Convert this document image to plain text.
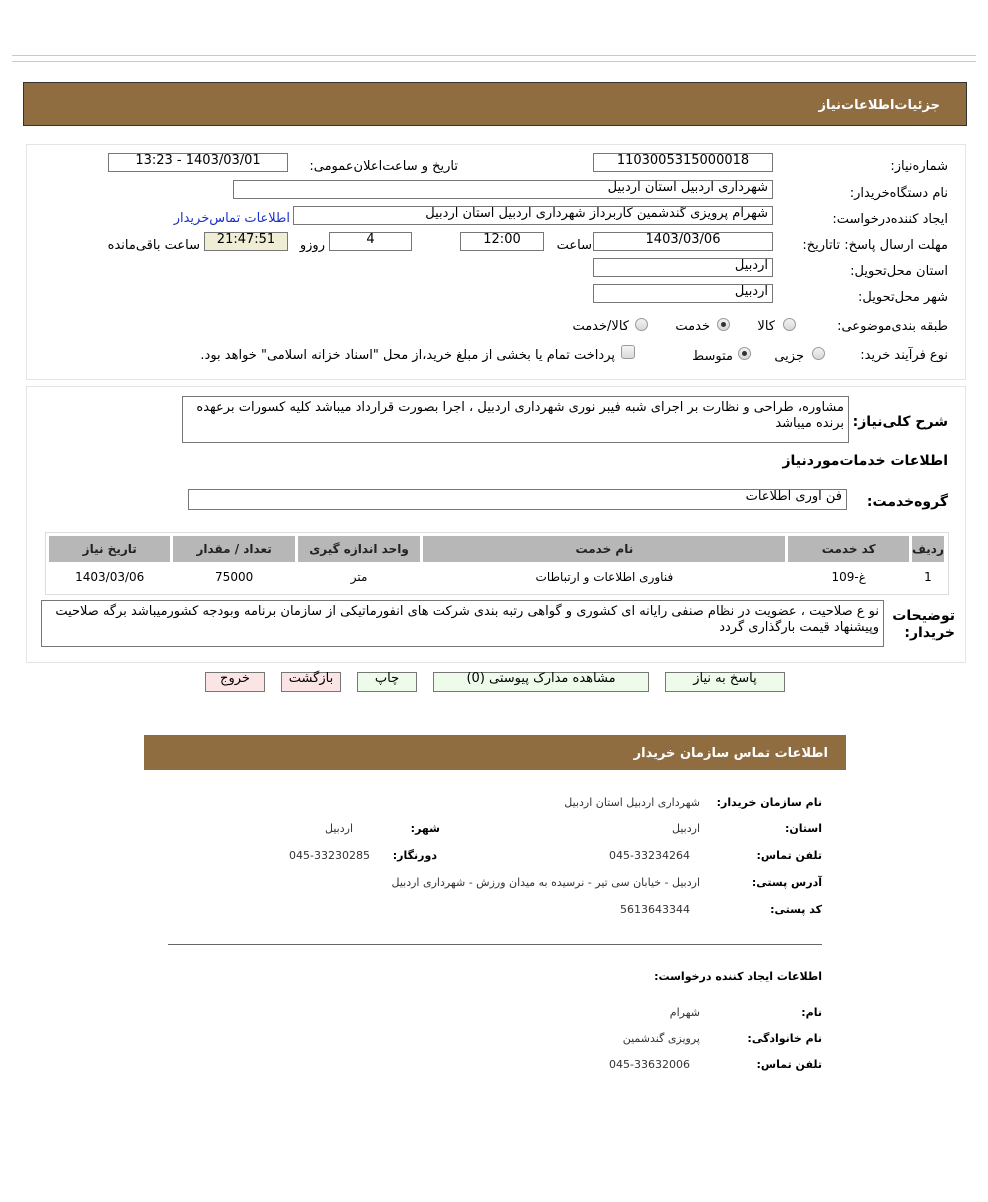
جزئیات‌اطلاعات‌نیاز
شماره‌نیاز:
1103005315000018
تاریخ و ساعت‌اعلان‌عمومی:
1403/03/01 - 13:23
نام دستگاه‌خریدار:
شهرداری اردبیل استان اردبیل
ایجاد کننده‌درخواست:
شهرام پرویزی گندشمین کاربرداز شهرداری اردبیل استان اردبیل
اطلاعات تماس‌خریدار
مهلت ارسال پاسخ: تاتاریخ:
1403/03/06
ساعت
12:00
4
روزو
21:47:51
ساعت باقی‌مانده
استان محل‌تحویل:
اردبیل
شهر محل‌تحویل:
اردبیل
طبقه بندی‌موضوعی:
کالا
خدمت
کالا/خدمت
نوع فرآیند خرید:
جزیی
متوسط
پرداخت تمام یا بخشی از مبلغ خرید،از محل "اسناد خزانه اسلامی" خواهد بود.
شرح کلی‌نیاز:
مشاوره، طراحی و نظارت بر اجرای شبه فیبر نوری شهرداری اردبیل ، اجرا بصورت قرارداد میباشد کلیه کسورات برعهده برنده میباشد
اطلاعات خدمات‌مورد‌نیاز
گروه‌خدمت:
فن آوری اطلاعات
ردیف	کد خدمت	نام خدمت	واحد اندازه گیری	تعداد / مقدار	تاریخ نیاز
1	غ-109	فناوری اطلاعات و ارتباطات	متر	75000	1403/03/06
توضیحات خریدار:
نو ع صلاحیت ، عضویت در نظام صنفی رایانه ای کشوری و گواهی رتبه بندی شرکت های انفورماتیکی از سازمان برنامه وبودجه کشورمیباشد برگه صلاحیت وپیشنهاد قیمت بارگذاری گردد
پاسخ به نیاز
مشاهده مدارک پیوستی (0)
چاپ
بازگشت
خروج
اطلاعات تماس سازمان خریدار
نام سازمان خریدار:
شهرداری اردبیل استان اردبیل
استان:
اردبیل
شهر:
اردبیل
تلفن تماس:
045-33234264
دورنگار:
045-33230285
آدرس پستی:
اردبیل - خیابان سی تیر - نرسیده به میدان ورزش - شهرداری اردبیل
کد پستی:
5613643344
اطلاعات ایجاد کننده درخواست:
نام:
شهرام
نام خانوادگی:
پرویزی گندشمین
تلفن تماس:
045-33632006
